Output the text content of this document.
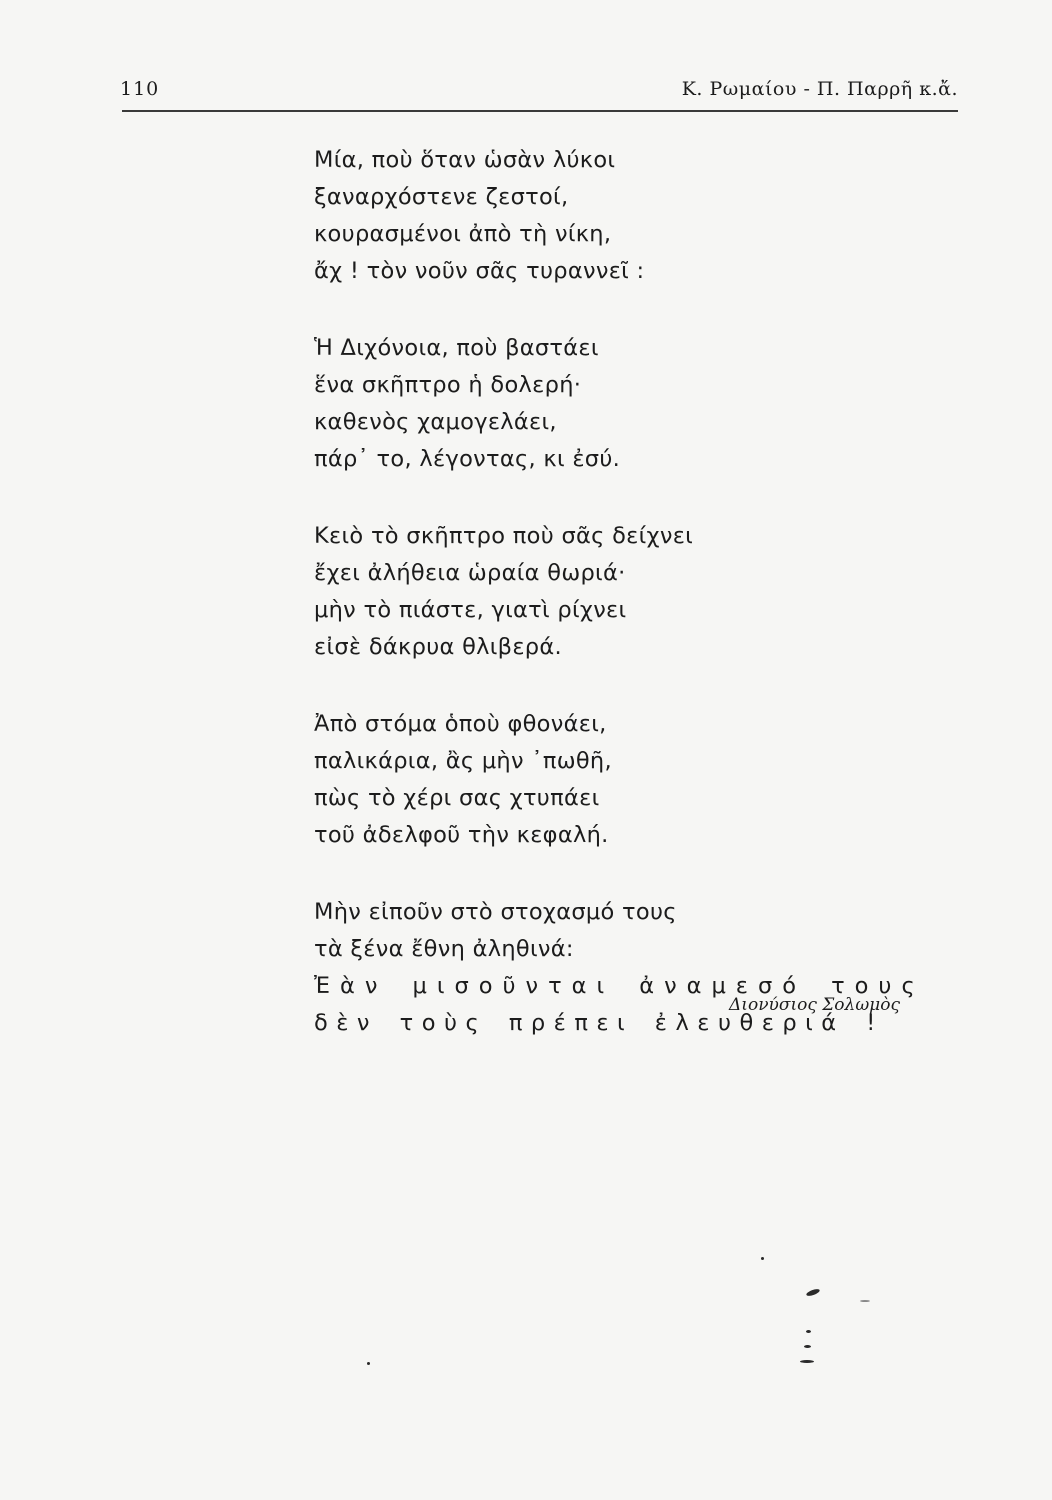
110	Κ. Ρωμαίου - Π. Παρρῆ κ.ἄ.
Μία, ποὺ ὅταν ὡσὰν λύκοι
ξαναρχόστενε ζεστοί,
κουρασμένοι ἀπὸ τὴ νίκη,
ἄχ ! τὸν νοῦν σᾶς τυραννεῖ :
Ἡ Διχόνοια, ποὺ βαστάει
ἕνα σκῆπτρο ἡ δολερή·
καθενὸς χαμογελάει,
πάρ᾽ το, λέγοντας, κι ἐσύ.
Κειὸ τὸ σκῆπτρο ποὺ σᾶς δείχνει
ἔχει ἀλήθεια ὡραία θωριά·
μὴν τὸ πιάστε, γιατὶ ρίχνει
εἰσὲ δάκρυα θλιβερά.
Ἀπὸ στόμα ὁποὺ φθονάει,
παλικάρια, ἂς μὴν ᾿πωθῆ,
πὼς τὸ χέρι σας χτυπάει
τοῦ ἀδελφοῦ τὴν κεφαλή.
Μὴν εἰποῦν στὸ στοχασμό τους
τὰ ξένα ἔθνη ἀληθινά:
Ἐὰν μισοῦνται ἀναμεσό τους
δὲν τοὺς πρέπει ἐλευθεριά !
Διονύσιος Σολωμὸς
